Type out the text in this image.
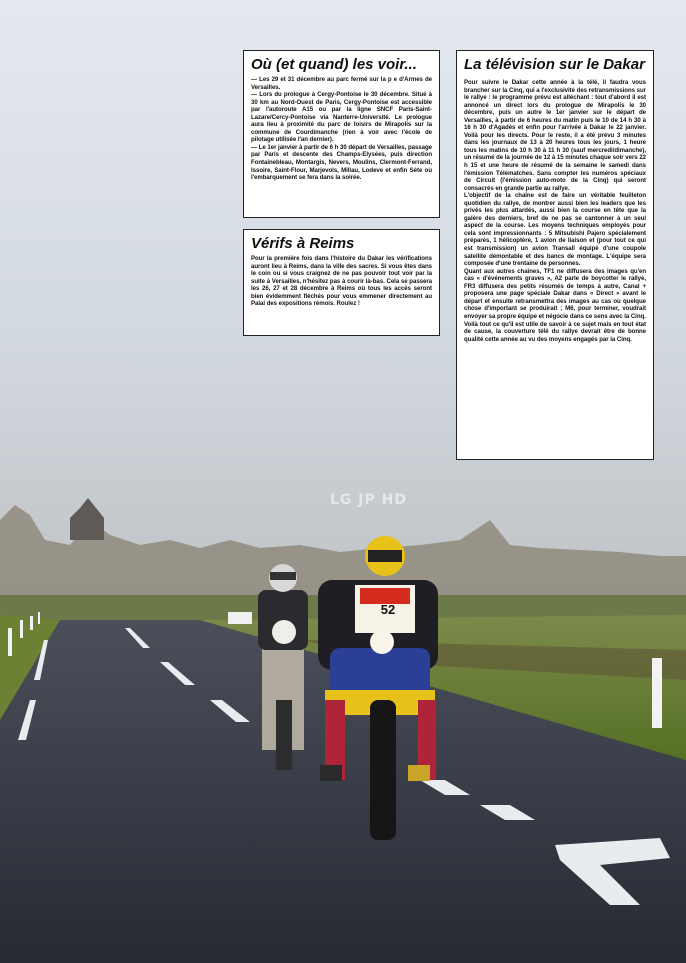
52
LG JP HD
Où (et quand) les voir...
— Les 29 et 31 décembre au parc fermé sur la p e d'Armes de Versailles.
— Lors du prologue à Cergy-Pontoise le 30 décembre. Situé à 30 km au Nord-Ouest de Paris, Cergy-Pontoise est accessible par l'autoroute A15 ou par la ligne SNCF Paris-Saint-Lazare/Cercy-Pontoise via Nanterre-Université. Le prologue aura lieu à proximité du parc de loisirs de Mirapolis sur la commune de Courdimanche (rien à voir avec l'école de pilotage utilisée l'an dernier).
— Le 1er janvier à partir de 6 h 30 départ de Versailles, passage par Paris et descente des Champs-Elysées, puis direction Fontainebleau, Montargis, Nevers, Moulins, Clermont-Ferrand, Issoire, Saint-Flour, Marjevols, Millau, Lodeve et enfin Sète où l'embarquement se fera dans la soirée.
Vérifs à Reims
Pour la première fois dans l'histoire du Dakar les vérifications auront lieu à Reims, dans la ville des sacres. Si vous êtes dans le coin ou si vous craignez de ne pas pouvoir tout voir par la suite à Versailles, n'hésitez pas à courir là-bas. Cela se passera les 26, 27 et 28 décembre à Reims où tous les accès seront bien évidemment fléchés pour vous emmener directement au Palai des expositions rémois. Roulez !
La télévision sur le Dakar
Pour suivre le Dakar cette année à la télé, il faudra vous brancher sur la Cinq, qui a l'exclusivité des retransmissions sur le rallye : le programme prévu est alléchant : tout d'abord il est annoncé un direct lors du prologue de Mirapolis le 30 décembre, puis un autre le 1er janvier sur le départ de Versailles, à partir de 6 heures du matin puis le 10 de 14 h 30 à 16 h 30 d'Agadès et enfin pour l'arrivée à Dakar le 22 janvier. Voilà pour les directs. Pour le reste, il a été prévu 3 minutes dans les journaux de 13 à 20 heures tous les jours, 1 heure tous les matins de 10 h 30 à 11 h 30 (sauf mercredi/dimanche), un résumé de la journée de 12 à 15 minutes chaque soir vers 22 h 15 et une heure de résumé de la semaine le samedi dans l'émission Télématches. Sans compter les numéros spéciaux de Circuit (l'émission auto-moto de la Cinq) qui seront consacrés en grande partie au rallye.
L'objectif de la chaîne est de faire un véritable feuilleton quotidien du rallye, de montrer aussi bien les leaders que les privés les plus attardés, aussi bien la course en tête que la galère des derniers, bref de ne pas se cantonner à un seul aspect de la course. Les moyens techniques employés pour cela sont impressionnants : 5 Mitsubishi Pajero spécialement préparés, 1 hélicoptère, 1 avion de liaison et (pour tout ce qui est transmission) un avion Transall équipé d'une coupole satellite démontable et des bancs de montage. L'équipe sera composée d'une trentaine de personnes.
Quant aux autres chaînes, TF1 ne diffusera des images qu'en cas « d'événements graves », A2 parle de boycotter le rallye, FR3 diffusera des petits résumés de temps à autre, Canal + proposera une page spéciale Dakar dans « Direct » avant le départ et ensuite retransmettra des images au cas où quelque chose d'important se produirait ; M6, pour terminer, voudrait envoyer sa propre équipe et négocie dans ce sens avec la Cinq.
Voilà tout ce qu'il est utile de savoir à ce sujet mais en tout état de cause, la couverture télé du rallye devrait être de bonne qualité cette année au vu des moyens engagés par la Cinq.
